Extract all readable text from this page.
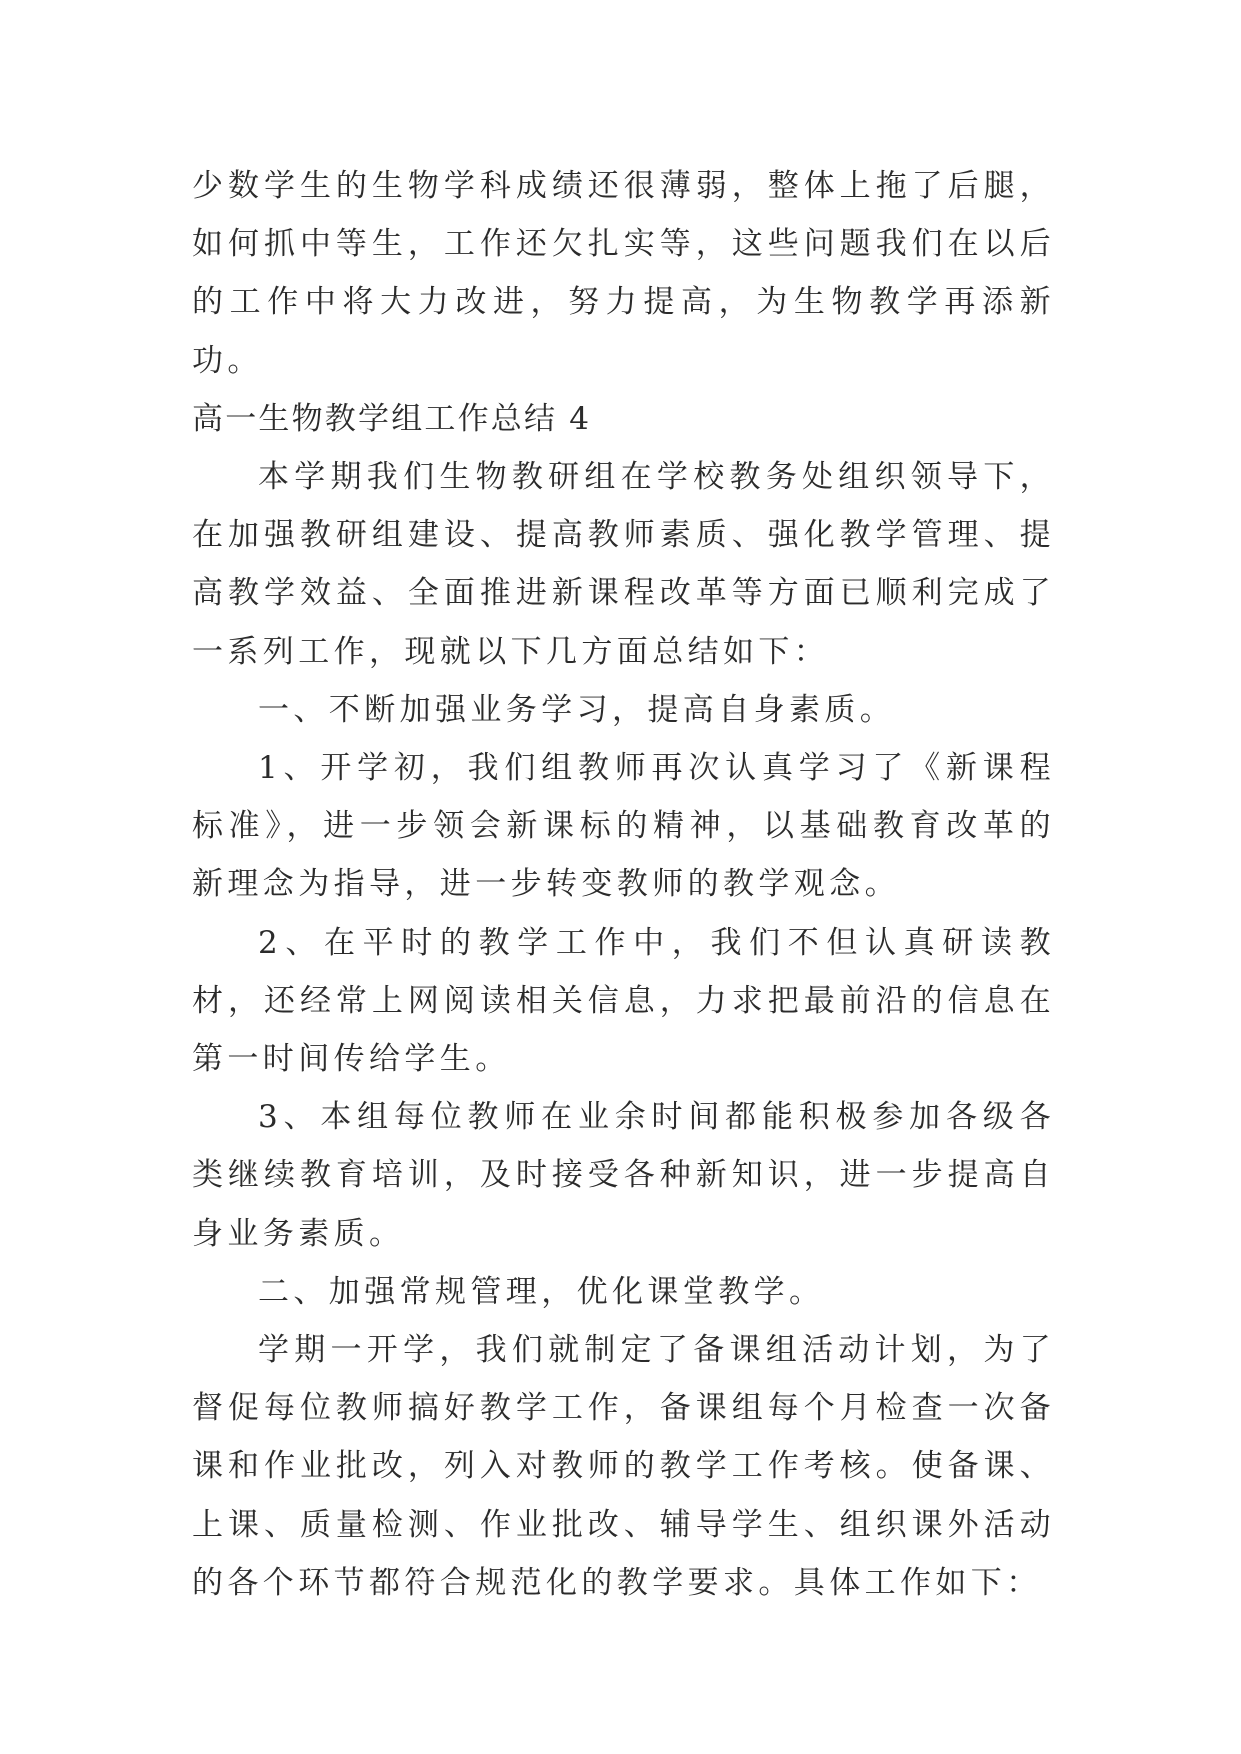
少数学生的生物学科成绩还很薄弱，整体上拖了后腿，如何抓中等生，工作还欠扎实等，这些问题我们在以后的工作中将大力改进，努力提高，为生物教学再添新功。

高一生物教学组工作总结 4

本学期我们生物教研组在学校教务处组织领导下，在加强教研组建设、提高教师素质、强化教学管理、提高教学效益、全面推进新课程改革等方面已顺利完成了一系列工作，现就以下几方面总结如下：

一、不断加强业务学习，提高自身素质。

1、开学初，我们组教师再次认真学习了《新课程标准》，进一步领会新课标的精神，以基础教育改革的新理念为指导，进一步转变教师的教学观念。

2、在平时的教学工作中，我们不但认真研读教材，还经常上网阅读相关信息，力求把最前沿的信息在第一时间传给学生。

3、本组每位教师在业余时间都能积极参加各级各类继续教育培训，及时接受各种新知识，进一步提高自身业务素质。

二、加强常规管理，优化课堂教学。

学期一开学，我们就制定了备课组活动计划，为了督促每位教师搞好教学工作，备课组每个月检查一次备课和作业批改，列入对教师的教学工作考核。使备课、上课、质量检测、作业批改、辅导学生、组织课外活动的各个环节都符合规范化的教学要求。具体工作如下：
